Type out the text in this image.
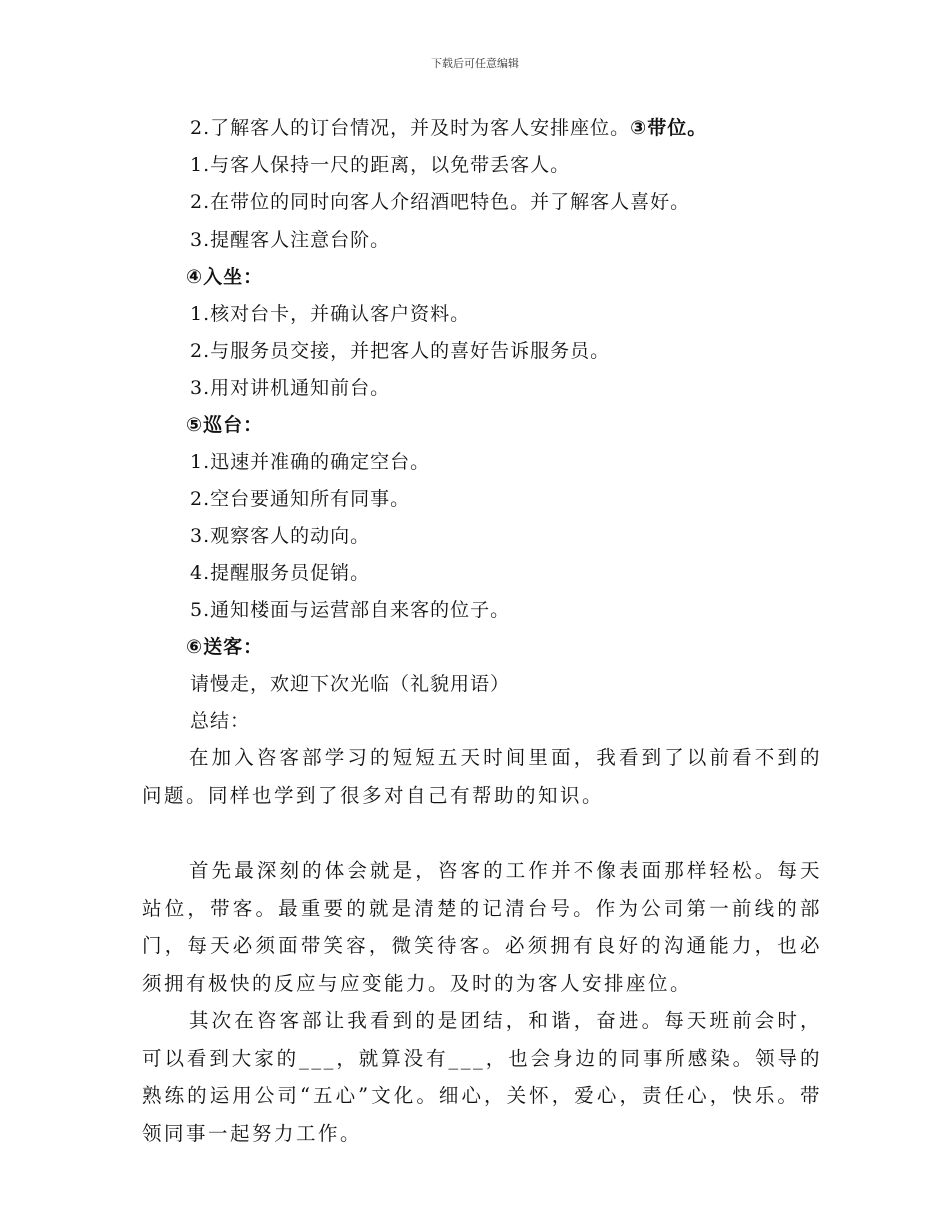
下载后可任意编辑
2.了解客人的订台情况，并及时为客人安排座位。③带位。
1.与客人保持一尺的距离，以免带丢客人。
2.在带位的同时向客人介绍酒吧特色。并了解客人喜好。
3.提醒客人注意台阶。
④入坐：
1.核对台卡，并确认客户资料。
2.与服务员交接，并把客人的喜好告诉服务员。
3.用对讲机通知前台。
⑤巡台：
1.迅速并准确的确定空台。
2.空台要通知所有同事。
3.观察客人的动向。
4.提醒服务员促销。
5.通知楼面与运营部自来客的位子。
⑥送客：
请慢走，欢迎下次光临（礼貌用语）
总结：
在加入咨客部学习的短短五天时间里面，我看到了以前看不到的问题。同样也学到了很多对自己有帮助的知识。
首先最深刻的体会就是，咨客的工作并不像表面那样轻松。每天站位，带客。最重要的就是清楚的记清台号。作为公司第一前线的部门，每天必须面带笑容，微笑待客。必须拥有良好的沟通能力，也必须拥有极快的反应与应变能力。及时的为客人安排座位。
其次在咨客部让我看到的是团结，和谐，奋进。每天班前会时，可以看到大家的___，就算没有___，也会身边的同事所感染。领导的熟练的运用公司“五心”文化。细心，关怀，爱心，责任心，快乐。带领同事一起努力工作。
